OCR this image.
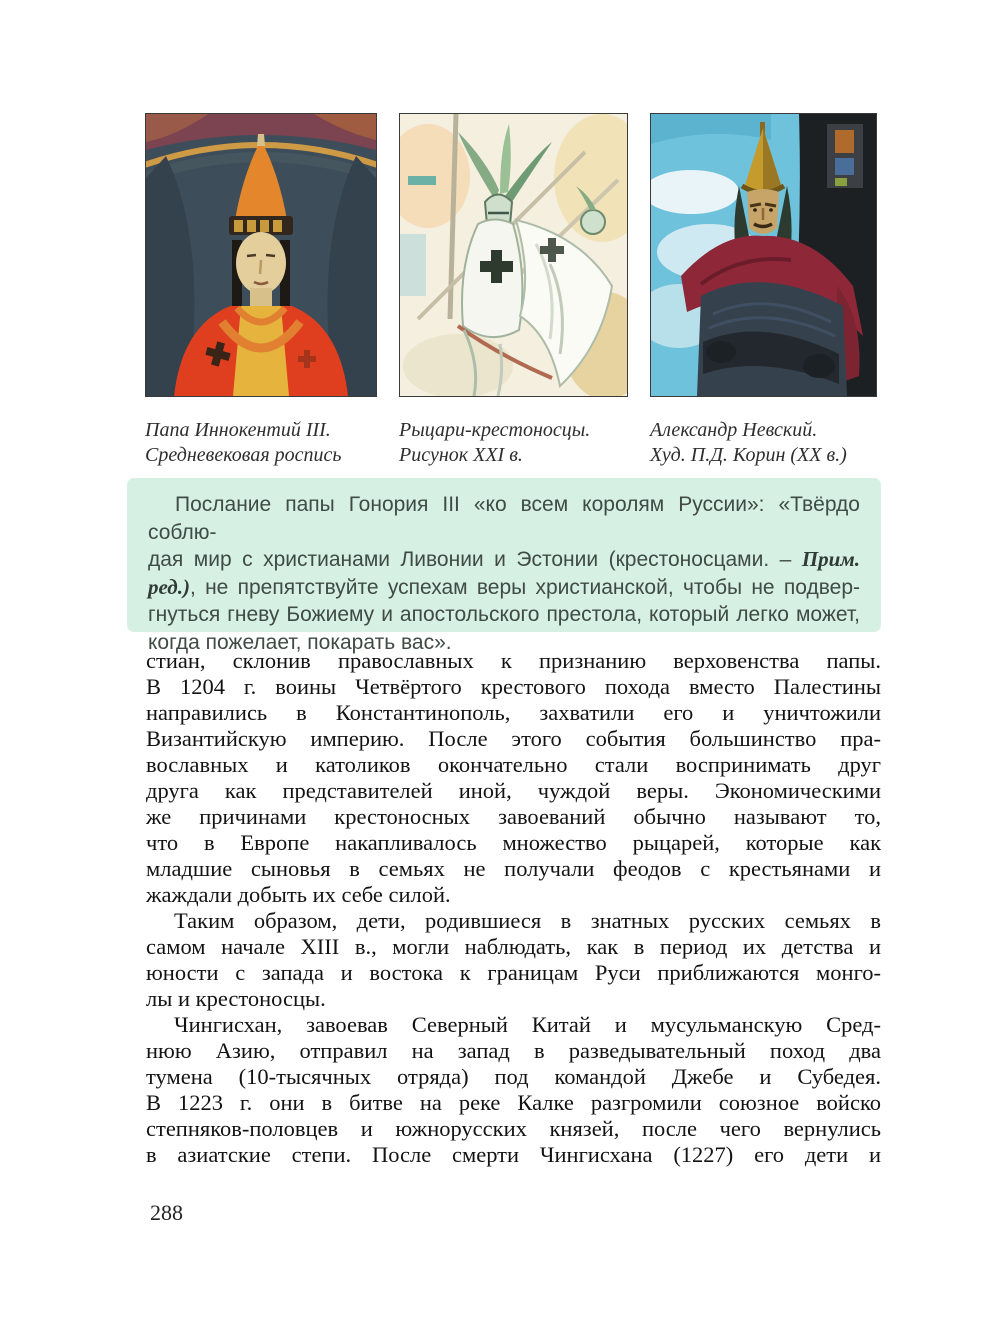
Папа Иннокентий III.
Средневековая роспись
Рыцари-крестоносцы.
Рисунок XXI в.
Александр Невский.
Худ. П.Д. Корин (XX в.)
Послание папы Гонория III «ко всем королям Руссии»: «Твёрдо соблю-
дая мир с христианами Ливонии и Эстонии (крестоносцами. – Прим.
ред.), не препятствуйте успехам веры христианской, чтобы не подвер-
гнуться гневу Божиему и апостольского престола, который легко может,
когда пожелает, покарать вас».
стиан, склонив православных к признанию верховенства папы.
В 1204 г. воины Четвёртого крестового похода вместо Палестины
направились в Константинополь, захватили его и уничтожили
Византийскую империю. После этого события большинство пра-
вославных и католиков окончательно стали воспринимать друг
друга как представителей иной, чуждой веры. Экономическими
же причинами крестоносных завоеваний обычно называют то,
что в Европе накапливалось множество рыцарей, которые как
младшие сыновья в семьях не получали феодов с крестьянами и
жаждали добыть их себе силой.
Таким образом, дети, родившиеся в знатных русских семьях в
самом начале XIII в., могли наблюдать, как в период их детства и
юности с запада и востока к границам Руси приближаются монго-
лы и крестоносцы.
Чингисхан, завоевав Северный Китай и мусульманскую Сред-
нюю Азию, отправил на запад в разведывательный поход два
тумена (10-тысячных отряда) под командой Джебе и Субедея.
В 1223 г. они в битве на реке Калке разгромили союзное войско
степняков-половцев и южнорусских князей, после чего вернулись
в азиатские степи. После смерти Чингисхана (1227) его дети и
288
